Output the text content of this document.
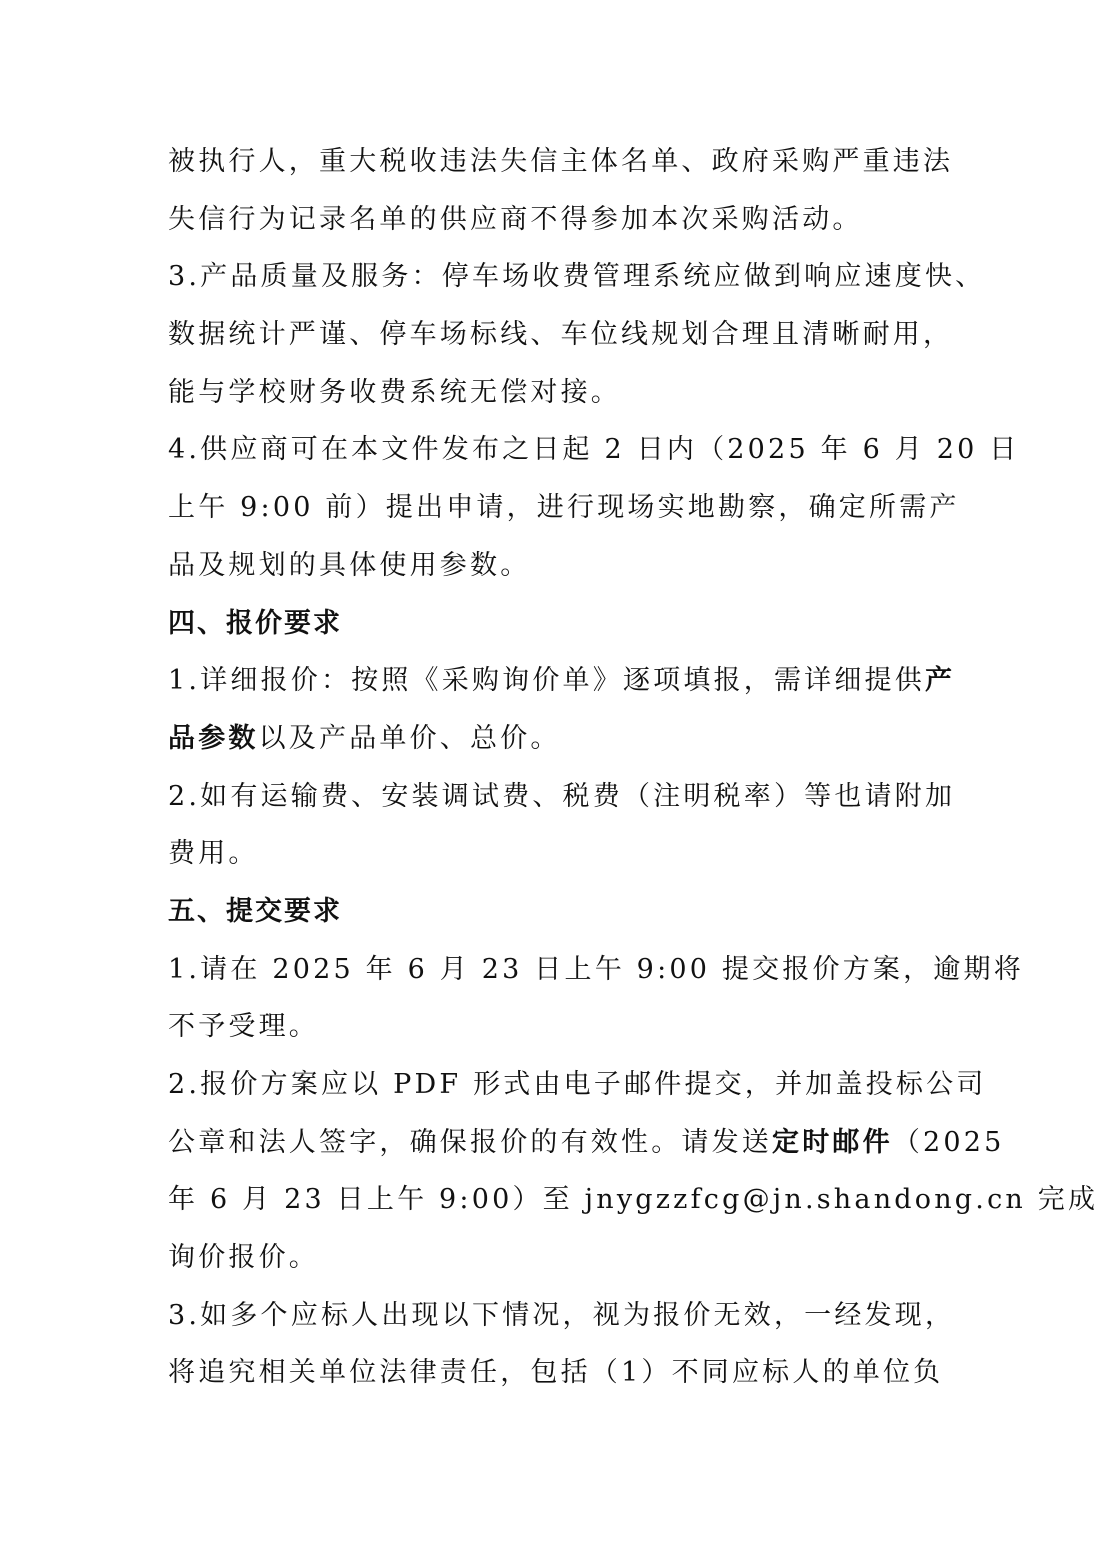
被执行人，重大税收违法失信主体名单、政府采购严重违法
失信行为记录名单的供应商不得参加本次采购活动。
3.产品质量及服务：停车场收费管理系统应做到响应速度快、
数据统计严谨、停车场标线、车位线规划合理且清晰耐用，
能与学校财务收费系统无偿对接。
4.供应商可在本文件发布之日起 2 日内（2025 年 6 月 20 日
上午 9:00 前）提出申请，进行现场实地勘察，确定所需产
品及规划的具体使用参数。
四、报价要求
1.详细报价：按照《采购询价单》逐项填报，需详细提供产
品参数以及产品单价、总价。
2.如有运输费、安装调试费、税费（注明税率）等也请附加
费用。
五、提交要求
1.请在 2025 年 6 月 23 日上午 9:00 提交报价方案，逾期将
不予受理。
2.报价方案应以 PDF 形式由电子邮件提交，并加盖投标公司
公章和法人签字，确保报价的有效性。请发送定时邮件（2025
年 6 月 23 日上午 9:00）至 jnygzzfcg@jn.shandong.cn 完成
询价报价。
3.如多个应标人出现以下情况，视为报价无效，一经发现，
将追究相关单位法律责任，包括（1）不同应标人的单位负
